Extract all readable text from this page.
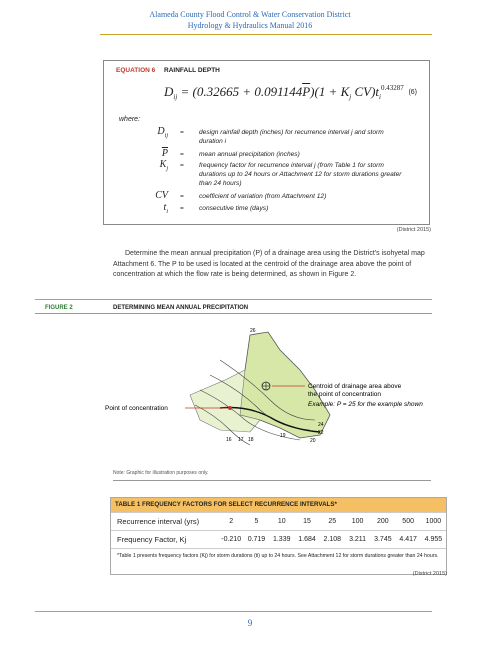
Alameda County Flood Control & Water Conservation District
Hydrology & Hydraulics Manual 2016
EQUATION 6 RAINFALL DEPTH
$D_{ij} = (0.32665 + 0.091144\overline{P})(1 + K_j$ $CV)t_i^{0.43287}$
(6)
where:
$D_{ij}$ = design rainfall depth (inches) for recurrence interval j and storm duration i
$\overline{P}$ = mean annual precipitation (inches)
$K_j$ = frequency factor for recurrence interval j (from Table 1 for storm durations up to 24 hours or Attachment 12 for storm durations greater than 24 hours)
CV = coefficient of variation (from Attachment 12)
$t_i$ = consecutive time (days)
(District 2015)

Determine the mean annual precipitation (P) of a drainage area using the District's isohyetal map Attachment 6. The P to be used is located at the centroid of the drainage area above the point of concentration at which the flow rate is being determined, as shown in Figure 2.

FIGURE 2	DETERMINING MEAN ANNUAL PRECIPITATION
Centroid of drainage area above
the point of concentration
Example: P = 25 for the example shown
Point of concentration
26
24
22
20
19
18
17
16
Note: Graphic for illustration purposes only.
TABLE 1 FREQUENCY FACTORS FOR SELECT RECURRENCE INTERVALS*
Recurrence interval (yrs)	2	5	10	15	25	100	200	500	1000
Frequency Factor, Kj	-0.210 0.719	1.339	1.684	2.108	3.211	3.745	4.417	4.955
*Table 1 presents frequency factors (Kj) for storm durations (ti) up to 24 hours. See Attachment 12 for storm durations greater than 24 hours.
(District 2015)
9
